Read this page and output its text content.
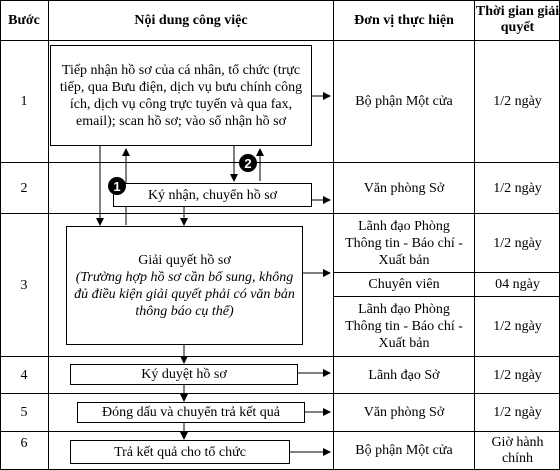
Bước	Nội dung công việc	Đơn vị thực hiện
Thời gian giải quyết
1
2
3
4
5
6
Tiếp nhận hồ sơ của cá nhân, tổ chức (trực tiếp, qua Bưu điện, dịch vụ bưu chính công ích, dịch vụ công trực tuyến và qua fax, email); scan hồ sơ; vào sổ nhận hồ sơ
Ký nhận, chuyển hồ sơ
Giải quyết hồ sơ
(Trường hợp hồ sơ cần bổ sung, không đủ điều kiện giải quyết phải có văn bản thông báo cụ thể)
Ký duyệt hồ sơ
Đóng dấu và chuyển trả kết quả
Trả kết quả cho tổ chức
1
2
Bộ phận Một cửa
Văn phòng Sở
Lãnh đạo Phòng Thông tin - Báo chí - Xuất bản
Chuyên viên
Lãnh đạo Phòng Thông tin - Báo chí - Xuất bản
Lãnh đạo Sở
Văn phòng Sở
Bộ phận Một cửa
1/2 ngày
1/2 ngày
1/2 ngày
04 ngày
1/2 ngày
1/2 ngày
1/2 ngày
Giờ hành chính
